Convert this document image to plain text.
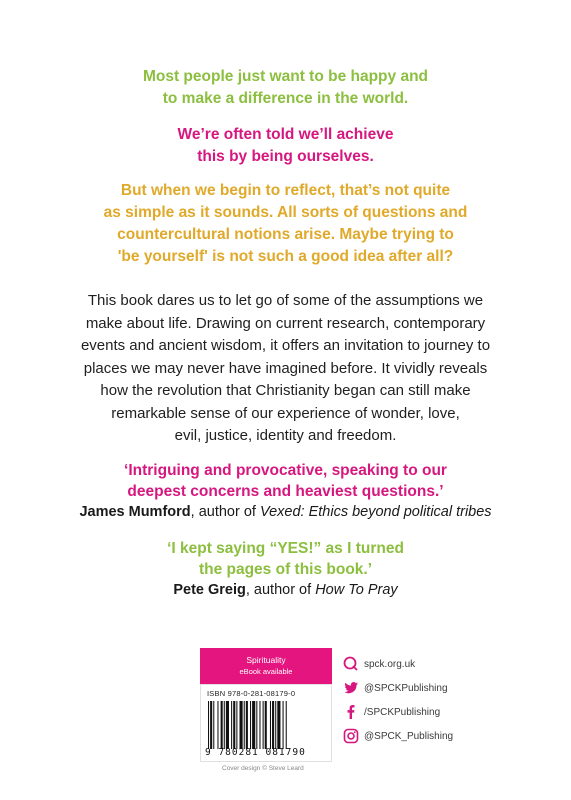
Most people just want to be happy and
to make a difference in the world.
We’re often told we’ll achieve
this by being ourselves.
But when we begin to reflect, that’s not quite
as simple as it sounds. All sorts of questions and
countercultural notions arise. Maybe trying to
'be yourself' is not such a good idea after all?
This book dares us to let go of some of the assumptions we
make about life. Drawing on current research, contemporary
events and ancient wisdom, it offers an invitation to journey to
places we may never have imagined before. It vividly reveals
how the revolution that Christianity began can still make
remarkable sense of our experience of wonder, love,
evil, justice, identity and freedom.
‘Intriguing and provocative, speaking to our
deepest concerns and heaviest questions.’
James Mumford, author of Vexed: Ethics beyond political tribes
‘I kept saying “YES!” as I turned
the pages of this book.’
Pete Greig, author of How To Pray
Spirituality
eBook available
ISBN 978-0-281-08179-0
9 780281 081790
Cover design © Steve Leard
spck.org.uk
@SPCKPublishing
/SPCKPublishing
@SPCK_Publishing
